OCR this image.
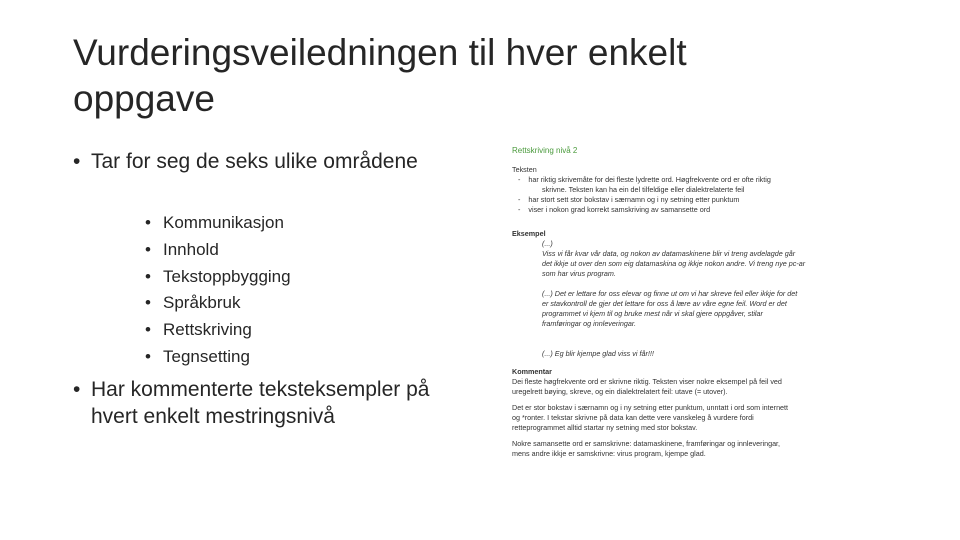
Vurderingsveiledningen til hver enkelt oppgave
• Tar for seg de seks ulike områdene
• Kommunikasjon
• Innhold
• Tekstoppbygging
• Språkbruk
• Rettskriving
• Tegnsetting
• Har kommenterte teksteksempler på hvert enkelt mestringsnivå
Rettskriving nivå 2
Teksten
-    har riktig skrivemåte for dei fleste lydrette ord. Høgfrekvente ord er ofte riktig
skrivne. Teksten kan ha ein del tilfeldige eller dialektrelaterte feil
-    har stort sett stor bokstav i særnamn og i ny setning etter punktum
-    viser i nokon grad korrekt samskriving av samansette ord
Eksempel
(...)
Viss vi får kvar vår data, og nokon av datamaskinene blir vi treng avdelagde går
det ikkje ut over den som eig datamaskina og ikkje nokon andre. Vi treng nye pc-ar
som har virus program.
(...) Det er lettare for oss elevar og finne ut om vi har skreve feil eller ikkje for det
er stavkontroll de gjer det lettare for oss å lære av våre egne feil. Word er det
programmet vi kjem til og bruke mest når vi skal gjere oppgåver, stilar
framføringar og innleveringar.
(...) Eg blir kjempe glad viss vi får!!!
Kommentar
Dei fleste høgfrekvente ord er skrivne riktig. Teksten viser nokre eksempel på feil ved
uregelrett bøying, skreve, og ein dialektrelatert feil: utave (= utover).
Det er stor bokstav i særnamn og i ny setning etter punktum, unntatt i ord som internett
og *ronter. I tekstar skrivne på data kan dette vere vanskeleg å vurdere fordi
retteprogrammet alltid startar ny setning med stor bokstav.
Nokre samansette ord er samskrivne: datamaskinene, framføringar og innleveringar,
mens andre ikkje er samskrivne: virus program, kjempe glad.
